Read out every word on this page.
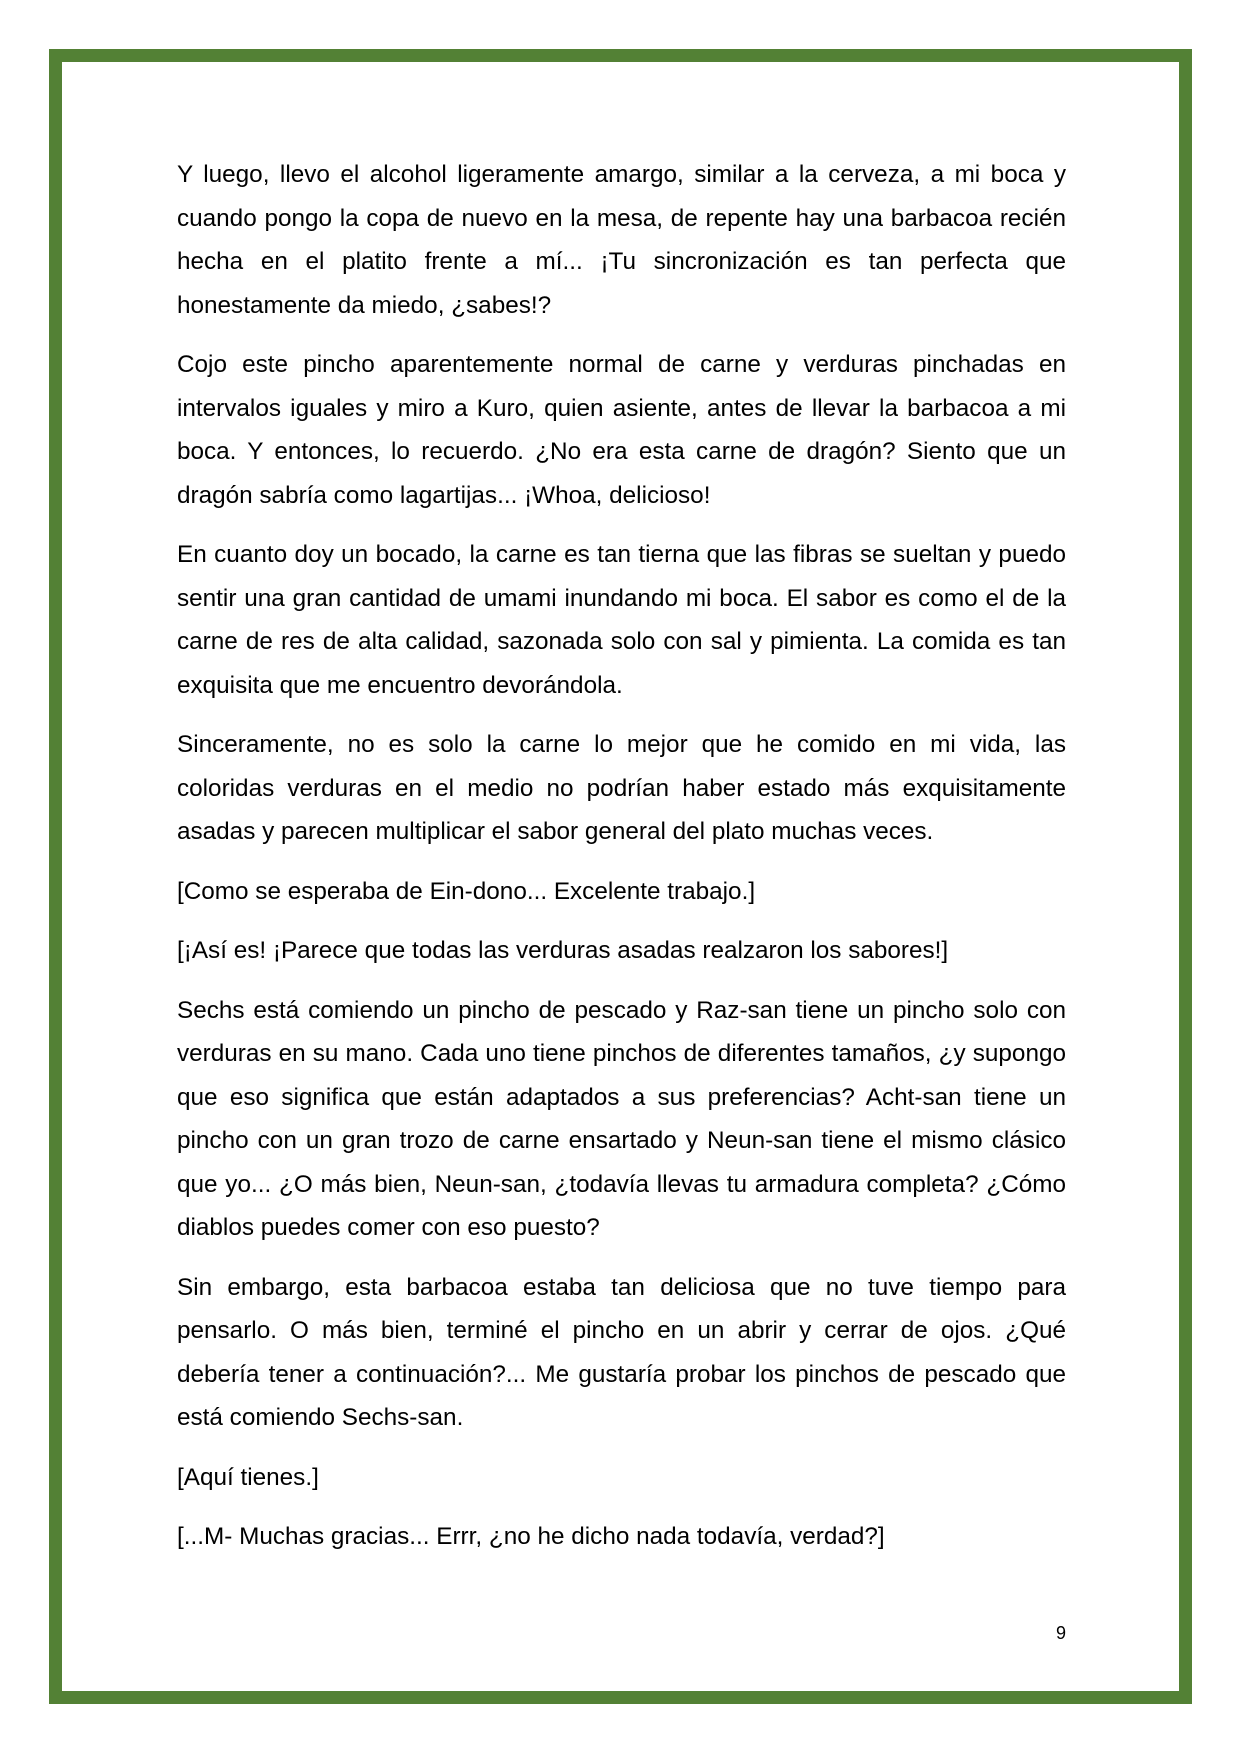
Y luego, llevo el alcohol ligeramente amargo, similar a la cerveza, a mi boca y cuando pongo la copa de nuevo en la mesa, de repente hay una barbacoa recién hecha en el platito frente a mí... ¡Tu sincronización es tan perfecta que honestamente da miedo, ¿sabes!?

Cojo este pincho aparentemente normal de carne y verduras pinchadas en intervalos iguales y miro a Kuro, quien asiente, antes de llevar la barbacoa a mi boca. Y entonces, lo recuerdo. ¿No era esta carne de dragón? Siento que un dragón sabría como lagartijas... ¡Whoa, delicioso!

En cuanto doy un bocado, la carne es tan tierna que las fibras se sueltan y puedo sentir una gran cantidad de umami inundando mi boca. El sabor es como el de la carne de res de alta calidad, sazonada solo con sal y pimienta. La comida es tan exquisita que me encuentro devorándola.

Sinceramente, no es solo la carne lo mejor que he comido en mi vida, las coloridas verduras en el medio no podrían haber estado más exquisitamente asadas y parecen multiplicar el sabor general del plato muchas veces.

[Como se esperaba de Ein-dono... Excelente trabajo.]

[¡Así es! ¡Parece que todas las verduras asadas realzaron los sabores!]

Sechs está comiendo un pincho de pescado y Raz-san tiene un pincho solo con verduras en su mano. Cada uno tiene pinchos de diferentes tamaños, ¿y supongo que eso significa que están adaptados a sus preferencias? Acht-san tiene un pincho con un gran trozo de carne ensartado y Neun-san tiene el mismo clásico que yo... ¿O más bien, Neun-san, ¿todavía llevas tu armadura completa? ¿Cómo diablos puedes comer con eso puesto?

Sin embargo, esta barbacoa estaba tan deliciosa que no tuve tiempo para pensarlo. O más bien, terminé el pincho en un abrir y cerrar de ojos. ¿Qué debería tener a continuación?... Me gustaría probar los pinchos de pescado que está comiendo Sechs-san.

[Aquí tienes.]

[...M- Muchas gracias... Errr, ¿no he dicho nada todavía, verdad?]

9
